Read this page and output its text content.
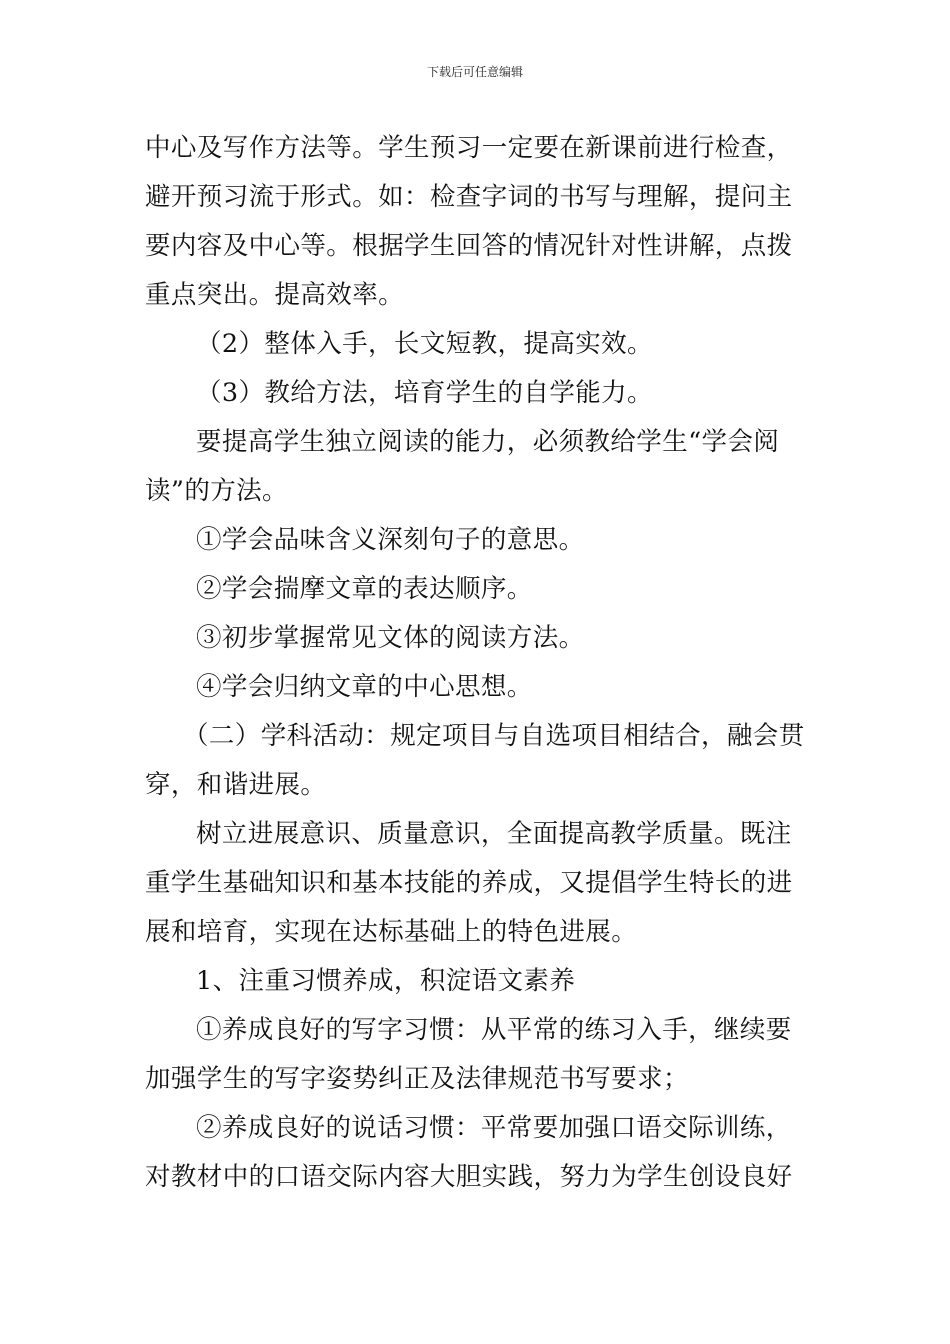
下载后可任意编辑

中心及写作方法等。学生预习一定要在新课前进行检查，避开预习流于形式。如：检查字词的书写与理解，提问主要内容及中心等。根据学生回答的情况针对性讲解，点拨重点突出。提高效率。

（2）整体入手，长文短教，提高实效。

（3）教给方法，培育学生的自学能力。

要提高学生独立阅读的能力，必须教给学生“学会阅读”的方法。

①学会品味含义深刻句子的意思。

②学会揣摩文章的表达顺序。

③初步掌握常见文体的阅读方法。

④学会归纳文章的中心思想。

（二）学科活动：规定项目与自选项目相结合，融会贯穿，和谐进展。

树立进展意识、质量意识，全面提高教学质量。既注重学生基础知识和基本技能的养成，又提倡学生特长的进展和培育，实现在达标基础上的特色进展。

1、注重习惯养成，积淀语文素养

①养成良好的写字习惯：从平常的练习入手，继续要加强学生的写字姿势纠正及法律规范书写要求；

②养成良好的说话习惯：平常要加强口语交际训练，对教材中的口语交际内容大胆实践，努力为学生创设良好
